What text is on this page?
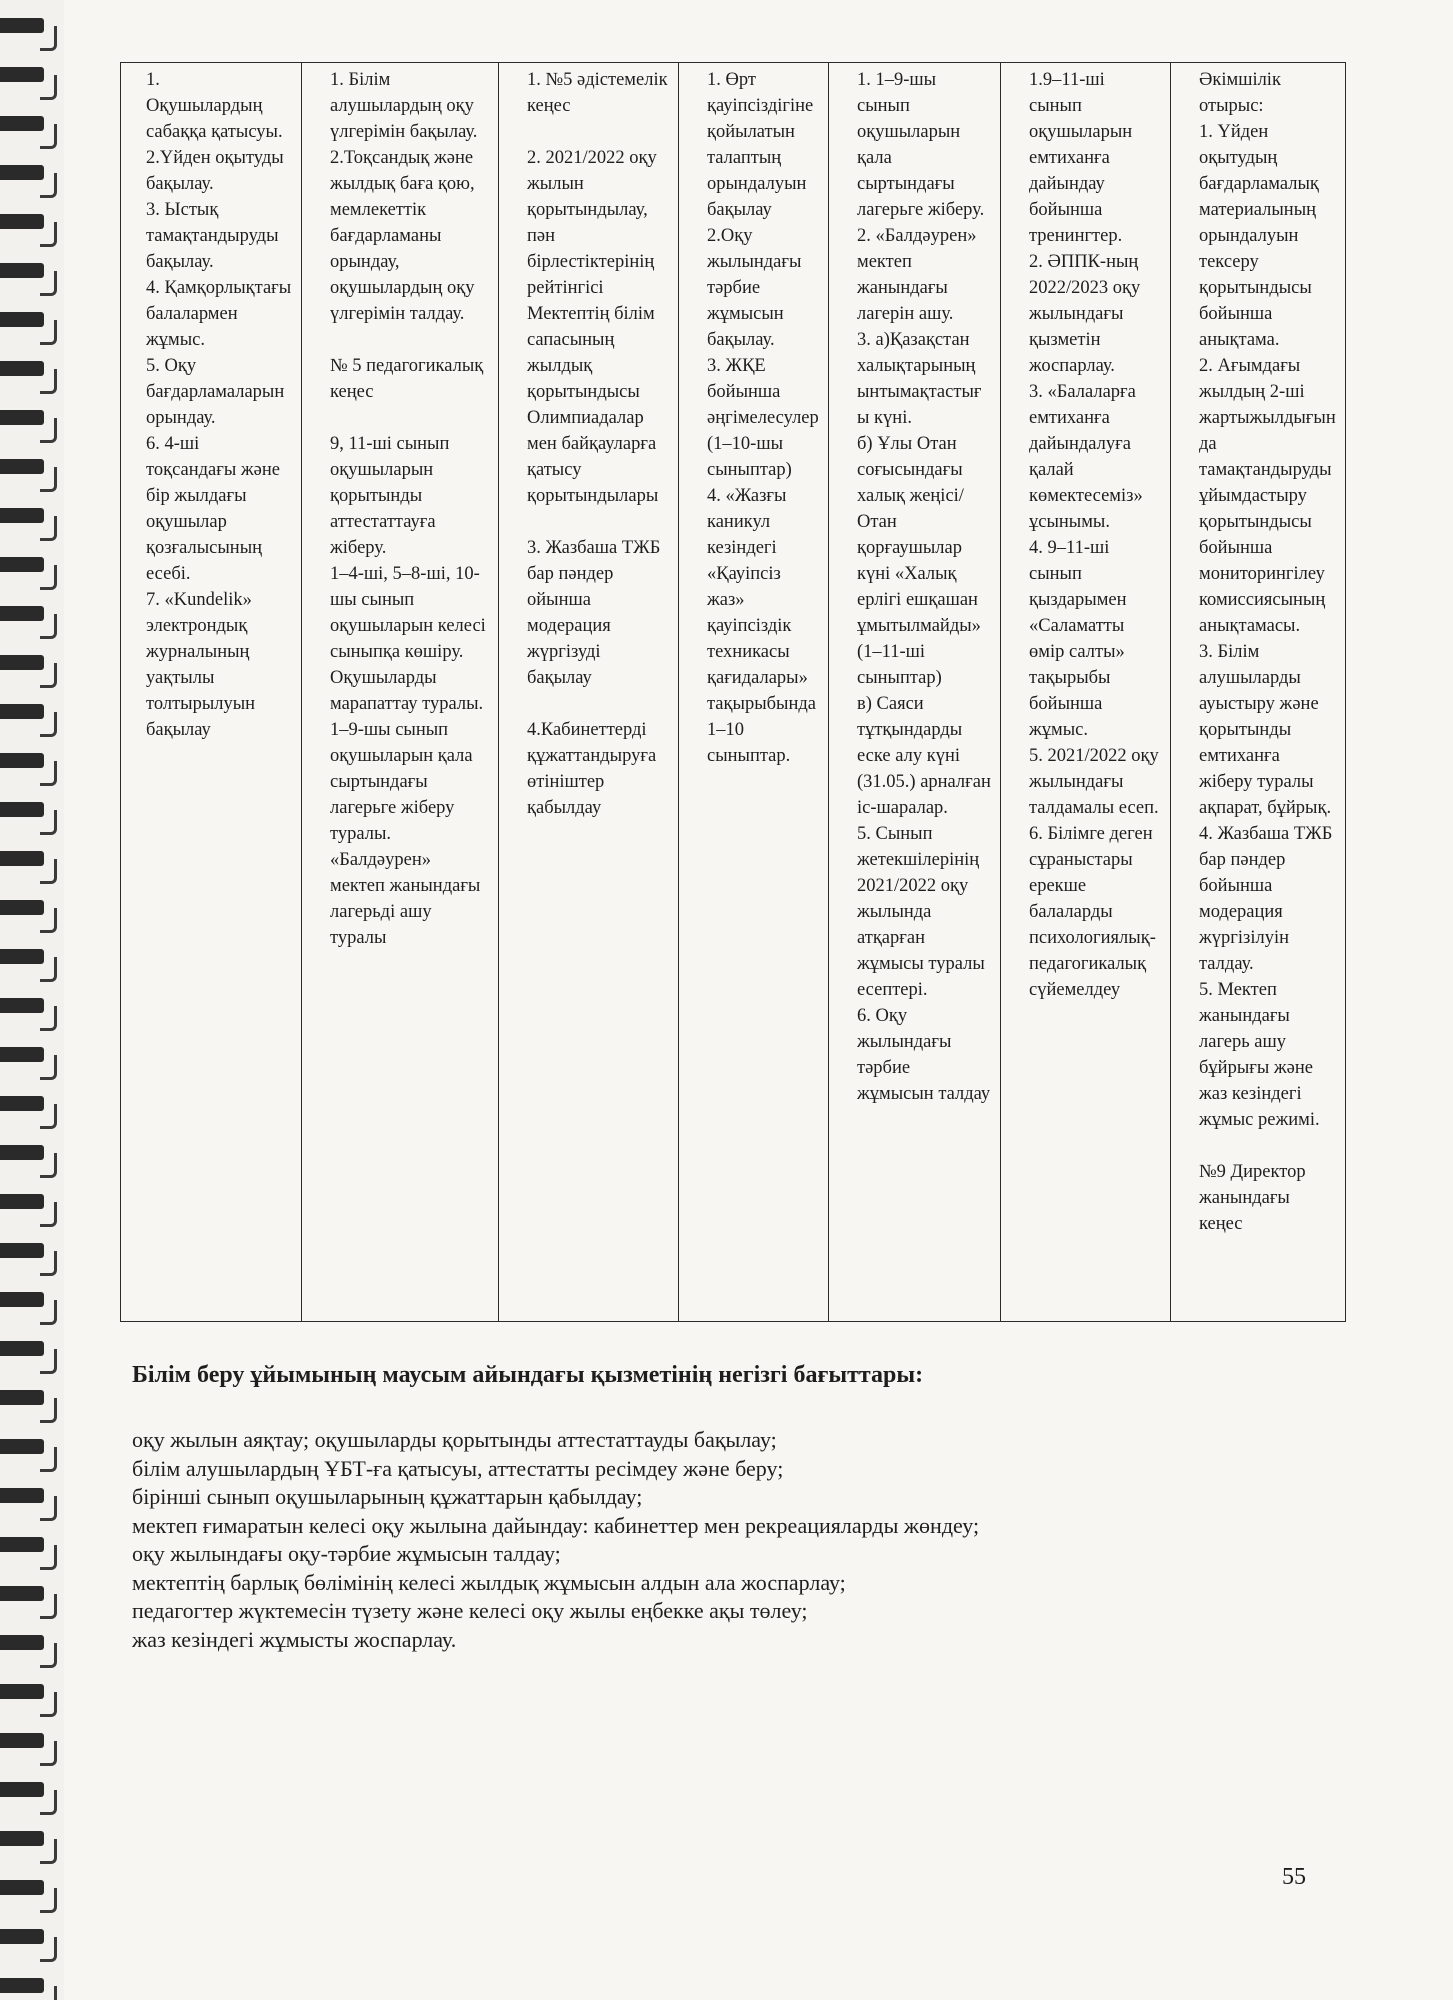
1.
Оқушылардың сабаққа қатысуы.
2.Үйден оқытуды бақылау.
3. Ыстық тамақтандыруды бақылау.
4. Қамқорлықтағы балалармен жұмыс.
5. Оқу бағдарламаларын орындау.
6. 4-ші тоқсандағы және бір жылдағы оқушылар қозғалысының есебі.
7. «Kundelik» электрондық журналының уақтылы толтырылуын бақылау	1. Білім алушылардың оқу үлгерімін бақылау.
2.Тоқсандық және жылдық баға қою, мемлекеттік бағдарламаны орындау, оқушылардың оқу үлгерімін талдау.

№ 5 педагогикалық кеңес

9, 11-ші сынып оқушыларын қорытынды аттестаттауға жіберу.
1–4-ші, 5–8-ші, 10-шы сынып оқушыларын келесі сыныпқа көшіру. Оқушыларды марапаттау туралы.
1–9-шы сынып оқушыларын қала сыртындағы лагерьге жіберу туралы.
«Балдәурен» мектеп жанындағы лагерьді ашу туралы	1. №5 әдістемелік кеңес

2. 2021/2022 оқу жылын қорытындылау, пән бірлестіктерінің рейтінгісі Мектептің білім сапасының жылдық қорытындысы Олимпиадалар мен байқауларға қатысу қорытындылары

3. Жазбаша ТЖБ бар пәндер ойынша модерация жүргізуді бақылау

4.Кабинеттерді құжаттандыруға өтініштер қабылдау	1. Өрт қауіпсіздігіне қойылатын талаптың орындалуын бақылау
2.Оқу жылындағы тәрбие жұмысын бақылау.
3. ЖҚЕ бойынша әңгімелесулер (1–10-шы сыныптар)
4. «Жазғы каникул кезіндегі «Қауіпсіз жаз» қауіпсіздік техникасы қағидалары» тақырыбында 1–10 сыныптар.	1. 1–9-шы сынып оқушыларын қала сыртындағы лагерьге жіберу.
2. «Балдәурен» мектеп жанындағы лагерін ашу.
3. а)Қазақстан халықтарының ынтымақтастығы күні.
б) Ұлы Отан соғысындағы халық жеңісі/Отан қорғаушылар күні «Халық ерлігі ешқашан ұмытылмайды» (1–11-ші сыныптар)
в) Саяси тұтқындарды еске алу күні (31.05.) арналған іс-шаралар.
5. Сынып жетекшілерінің 2021/2022 оқу жылында атқарған жұмысы туралы есептері.
6. Оқу жылындағы тәрбие жұмысын талдау	1.9–11-ші сынып оқушыларын емтиханға дайындау бойынша тренингтер.
2. ӘППК-ның 2022/2023 оқу жылындағы қызметін жоспарлау.
3. «Балаларға емтиханға дайындалуға қалай көмектесеміз» ұсынымы.
4. 9–11-ші сынып қыздарымен «Саламатты өмір салты» тақырыбы бойынша жұмыс.
5. 2021/2022 оқу жылындағы талдамалы есеп.
6. Білімге деген сұраныстары ерекше балаларды психологиялық-педагогикалық сүйемелдеу	Әкімшілік отырыс:
1. Үйден оқытудың бағдарламалық материалының орындалуын тексеру қорытындысы бойынша анықтама.
2. Ағымдағы жылдың 2-ші жартыжылдығында тамақтандыруды ұйымдастыру қорытындысы бойынша мониторингілеу комиссиясының анықтамасы.
3. Білім алушыларды ауыстыру және қорытынды емтиханға жіберу туралы ақпарат, бұйрық.
4. Жазбаша ТЖБ бар пәндер бойынша модерация жүргізілуін талдау.
5. Мектеп жанындағы лагерь ашу бұйрығы және жаз кезіндегі жұмыс режимі.

№9 Директор жанындағы кеңес
Білім беру ұйымының маусым айындағы қызметінің негізгі бағыттары:
оқу жылын аяқтау; оқушыларды қорытынды аттестаттауды бақылау;
білім алушылардың ҰБТ-ға қатысуы, аттестатты ресімдеу және беру;
бірінші сынып оқушыларының құжаттарын қабылдау;
мектеп ғимаратын келесі оқу жылына дайындау: кабинеттер мен рекреацияларды жөндеу;
оқу жылындағы оқу-тәрбие жұмысын талдау;
мектептің барлық бөлімінің келесі жылдық жұмысын алдын ала жоспарлау;
педагогтер жүктемесін түзету және келесі оқу жылы еңбекке ақы төлеу;
жаз кезіндегі жұмысты жоспарлау.
55
